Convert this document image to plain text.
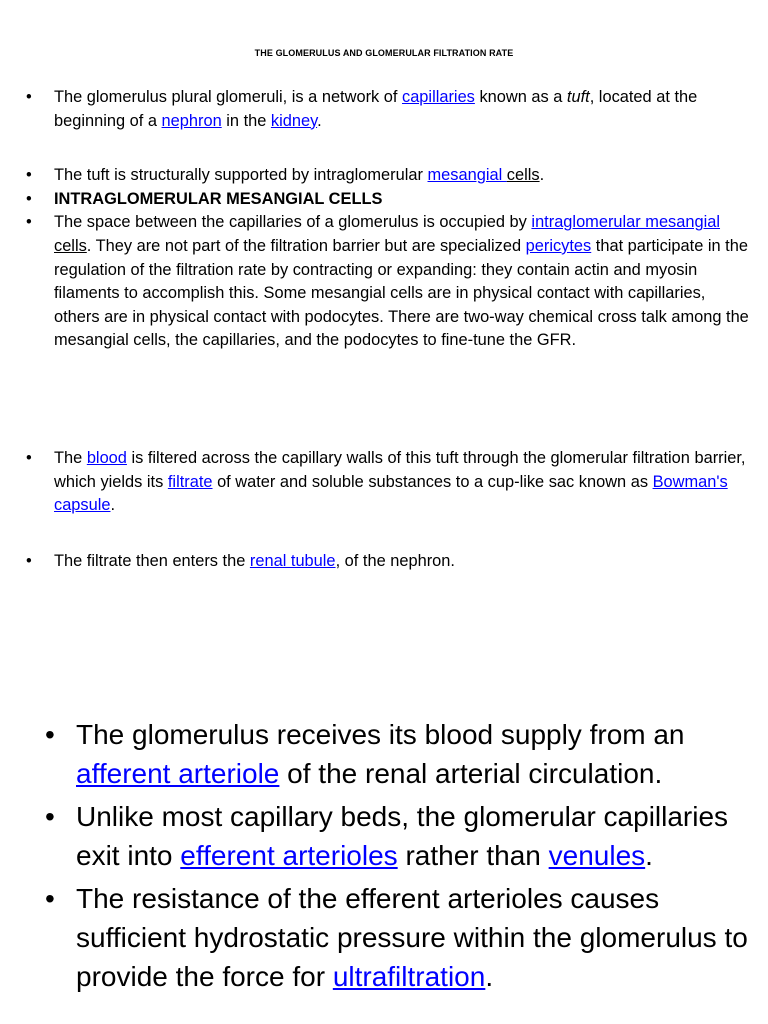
THE GLOMERULUS AND GLOMERULAR FILTRATION RATE
• The glomerulus plural glomeruli, is a network of capillaries known as a tuft, located at the beginning of a nephron in the kidney.
• The tuft is structurally supported by intraglomerular mesangial cells.
• INTRAGLOMERULAR MESANGIAL CELLS
• The space between the capillaries of a glomerulus is occupied by intraglomerular mesangial cells. They are not part of the filtration barrier but are specialized pericytes that participate in the regulation of the filtration rate by contracting or expanding: they contain actin and myosin filaments to accomplish this. Some mesangial cells are in physical contact with capillaries, others are in physical contact with podocytes. There are two-way chemical cross talk among the mesangial cells, the capillaries, and the podocytes to fine-tune the GFR.
• The blood is filtered across the capillary walls of this tuft through the glomerular filtration barrier, which yields its filtrate of water and soluble substances to a cup-like sac known as Bowman's capsule.
• The filtrate then enters the renal tubule, of the nephron.
• The glomerulus receives its blood supply from an afferent arteriole of the renal arterial circulation.
• Unlike most capillary beds, the glomerular capillaries exit into efferent arterioles rather than venules.
• The resistance of the efferent arterioles causes sufficient hydrostatic pressure within the glomerulus to provide the force for ultrafiltration.
